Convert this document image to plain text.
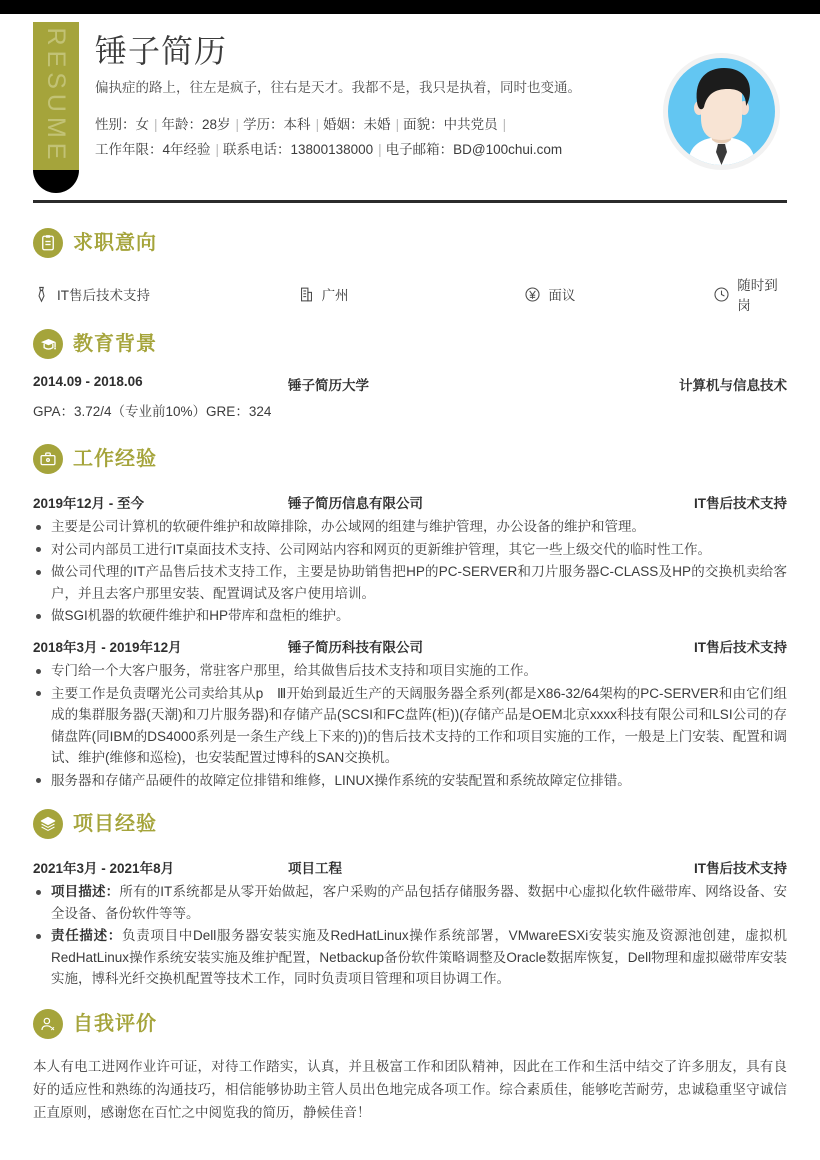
RESUME 锤子简历
偏执症的路上，往左是疯子，往右是天才。我都不是，我只是执着，同时也变通。
性别：女 | 年龄：28岁 | 学历：本科 | 婚姻：未婚 | 面貌：中共党员 |
工作年限：4年经验 | 联系电话：13800138000 | 电子邮箱：BD@100chui.com
求职意向
IT售后技术支持	广州	面议
随时到岗
教育背景
2014.09 - 2018.06	锤子简历大学	计算机与信息技术
GPA：3.72/4（专业前10%）GRE：324
工作经验
2019年12月 - 至今	锤子简历信息有限公司	IT售后技术支持
主要是公司计算机的软硬件维护和故障排除，办公域网的组建与维护管理，办公设备的维护和管理。
对公司内部员工进行IT桌面技术支持、公司网站内容和网页的更新维护管理，其它一些上级交代的临时性工作。
做公司代理的IT产品售后技术支持工作，主要是协助销售把HP的PC-SERVER和刀片服务器C-CLASS及HP的交换机卖给客户，并且去客户那里安装、配置调试及客户使用培训。
做SGI机器的软硬件维护和HP带库和盘柜的维护。
2018年3月 - 2019年12月	锤子简历科技有限公司	IT售后技术支持
专门给一个大客户服务，常驻客户那里，给其做售后技术支持和项目实施的工作。
主要工作是负责曙光公司卖给其从p　Ⅲ开始到最近生产的天阔服务器全系列(都是X86-32/64架构的PC-SERVER和由它们组成的集群服务器(天潮)和刀片服务器)和存储产品(SCSI和FC盘阵(柜))(存储产品是OEM北京xxxx科技有限公司和LSI公司的存储盘阵(同IBM的DS4000系列是一条生产线上下来的))的售后技术支持的工作和项目实施的工作，一般是上门安装、配置和调试、维护(维修和巡检)，也安装配置过博科的SAN交换机。
服务器和存储产品硬件的故障定位排错和维修，LINUX操作系统的安装配置和系统故障定位排错。
项目经验
2021年3月 - 2021年8月	项目工程	IT售后技术支持
项目描述：所有的IT系统都是从零开始做起，客户采购的产品包括存储服务器、数据中心虚拟化软件磁带库、网络设备、安全设备、备份软件等等。
责任描述：负责项目中Dell服务器安装实施及RedHatLinux操作系统部署，VMwareESXi安装实施及资源池创建，虚拟机RedHatLinux操作系统安装实施及维护配置，Netbackup备份软件策略调整及Oracle数据库恢复，Dell物理和虚拟磁带库安装实施，博科光纤交换机配置等技术工作，同时负责项目管理和项目协调工作。
自我评价

本人有电工进网作业许可证，对待工作踏实，认真，并且极富工作和团队精神，因此在工作和生活中结交了许多朋友，具有良好的适应性和熟练的沟通技巧，相信能够协助主管人员出色地完成各项工作。综合素质佳，能够吃苦耐劳，忠诚稳重坚守诚信正直原则，感谢您在百忙之中阅览我的简历，静候佳音！
